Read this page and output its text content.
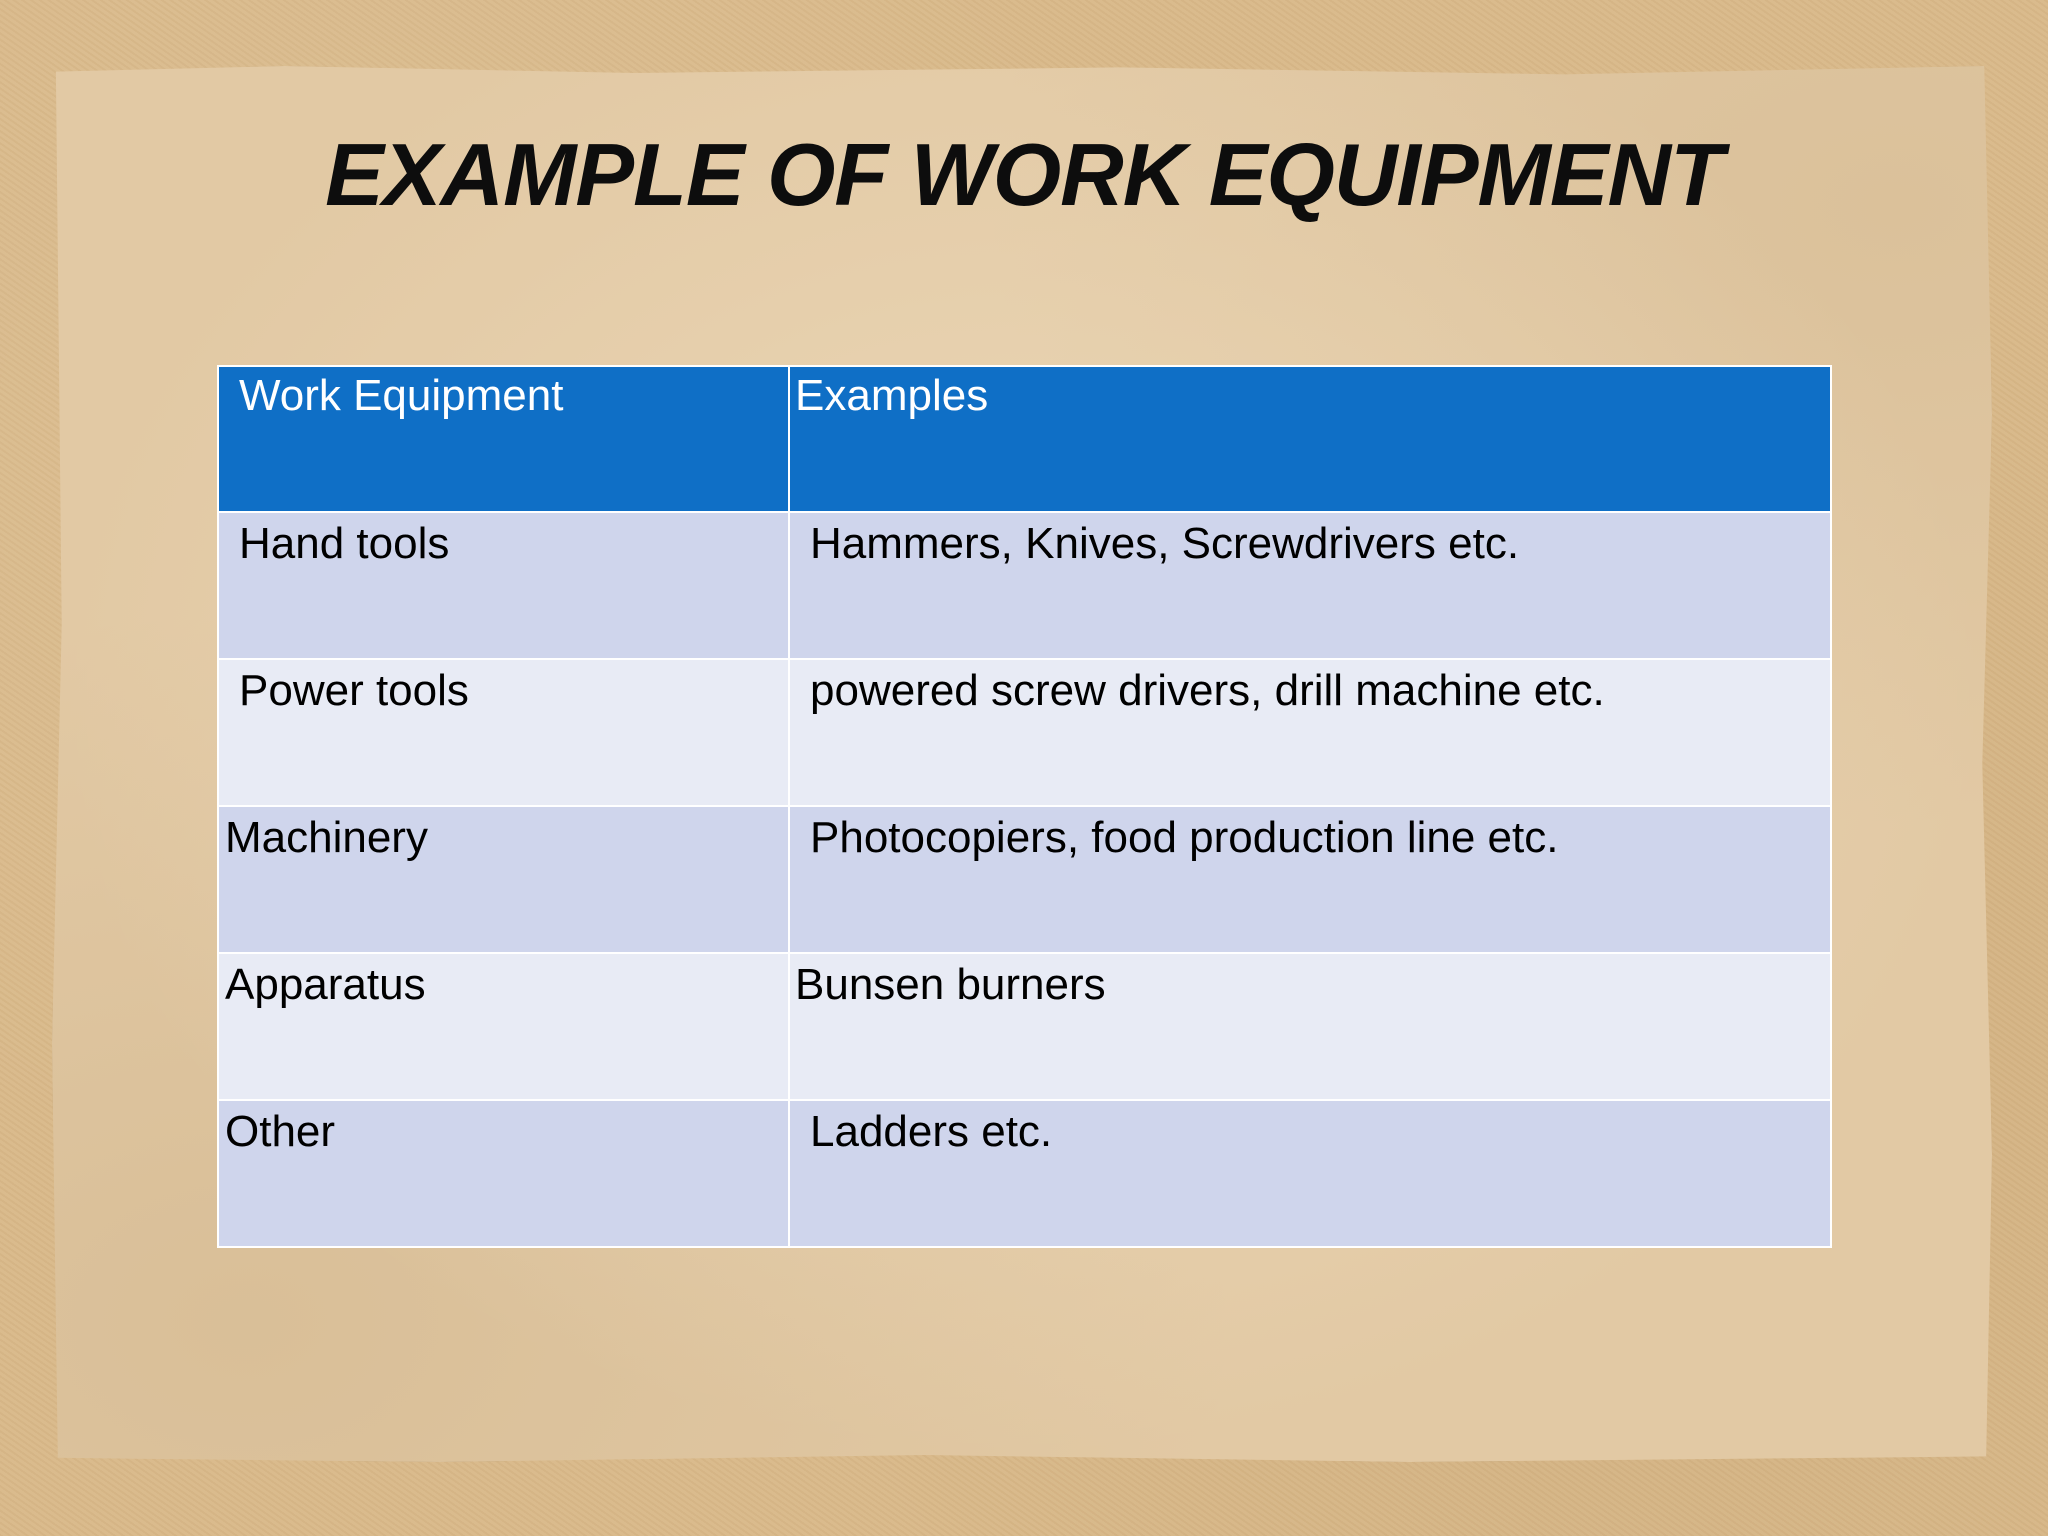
EXAMPLE OF WORK EQUIPMENT
Work Equipment	Examples
Hand tools	Hammers, Knives, Screwdrivers etc.
Power tools	powered screw drivers, drill machine etc.
Machinery	Photocopiers, food production line etc.
Apparatus	Bunsen burners
Other	Ladders etc.
